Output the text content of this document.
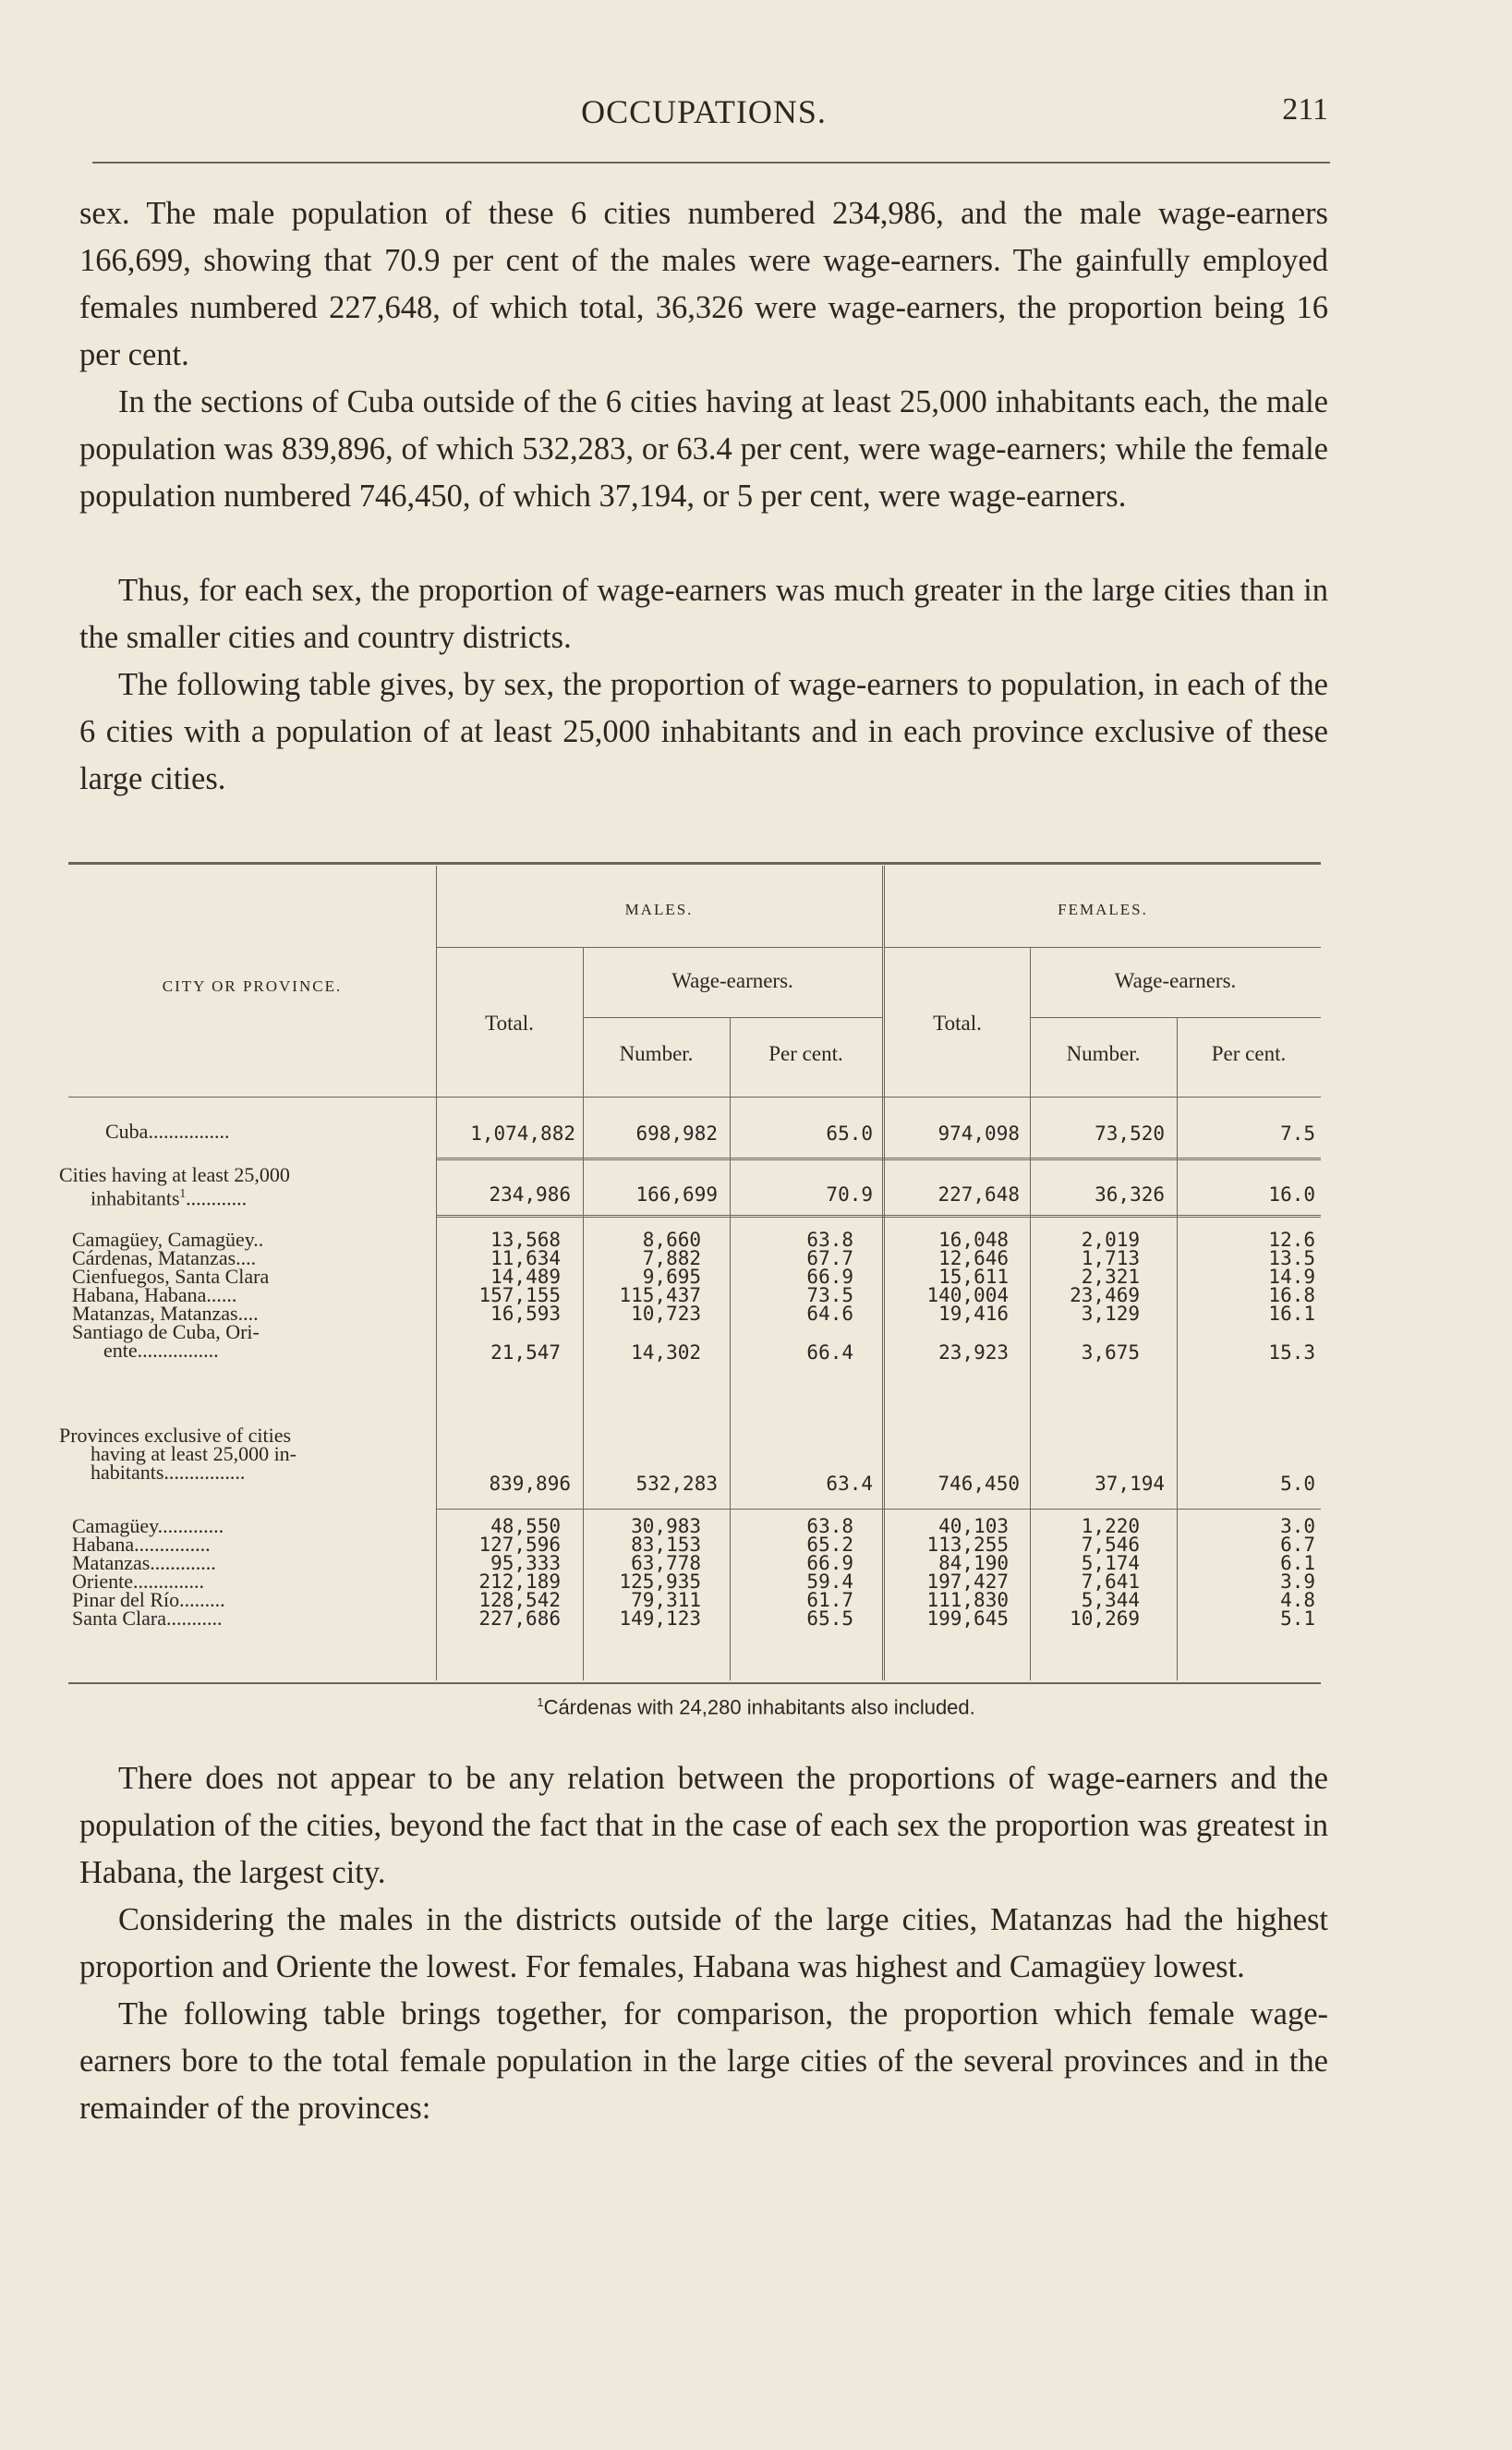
OCCUPATIONS.	211
sex. The male population of these 6 cities numbered 234,986, and the male wage-earners 166,699, showing that 70.9 per cent of the males were wage-earners. The gainfully employed females numbered 227,648, of which total, 36,326 were wage-earners, the proportion being 16 per cent.
In the sections of Cuba outside of the 6 cities having at least 25,000 inhabitants each, the male population was 839,896, of which 532,283, or 63.4 per cent, were wage-earners; while the female population numbered 746,450, of which 37,194, or 5 per cent, were wage-earners.
Thus, for each sex, the proportion of wage-earners was much greater in the large cities than in the smaller cities and country districts.
The following table gives, by sex, the proportion of wage-earners to population, in each of the 6 cities with a population of at least 25,000 inhabitants and in each province exclusive of these large cities.
MALES.	FEMALES.
CITY OR PROVINCE.
Total.
Wage-earners.
Number.	Per cent.
Total.
Wage-earners.
Number.	Per cent.
Cuba................	1,074,882	698,982	65.0	974,098	73,520	7.5
Cities having at least 25,000
inhabitants$^1$............	234,986	166,699	70.9	227,648	36,326	16.0
Camagüey, Camagüey..	13,568	8,660	63.8	16,048	2,019	12.6
Cárdenas, Matanzas....	11,634	7,882	67.7	12,646	1,713	13.5
Cienfuegos, Santa Clara	14,489	9,695	66.9	15,611	2,321	14.9
Habana, Habana......	157,155	115,437	73.5	140,004	23,469	16.8
Matanzas, Matanzas....	16,593	10,723	64.6	19,416	3,129	16.1
Santiago de Cuba, Ori-
ente................	21,547	14,302	66.4	23,923	3,675	15.3
Provinces exclusive of cities
having at least 25,000 in-
habitants................	839,896	532,283	63.4	746,450	37,194	5.0
Camagüey.............	48,550	30,983	63.8	40,103	1,220	3.0
Habana...............	127,596	83,153	65.2	113,255	7,546	6.7
Matanzas.............	95,333	63,778	66.9	84,190	5,174	6.1
Oriente..............	212,189	125,935	59.4	197,427	7,641	3.9
Pinar del Río.........	128,542	79,311	61.7	111,830	5,344	4.8
Santa Clara...........	227,686	149,123	65.5	199,645	10,269	5.1
$^1$Cárdenas with 24,280 inhabitants also included.
There does not appear to be any relation between the proportions of wage-earners and the population of the cities, beyond the fact that in the case of each sex the proportion was greatest in Habana, the largest city.
Considering the males in the districts outside of the large cities, Matanzas had the highest proportion and Oriente the lowest. For females, Habana was highest and Camagüey lowest.
The following table brings together, for comparison, the proportion which female wage-earners bore to the total female population in the large cities of the several provinces and in the remainder of the provinces:
